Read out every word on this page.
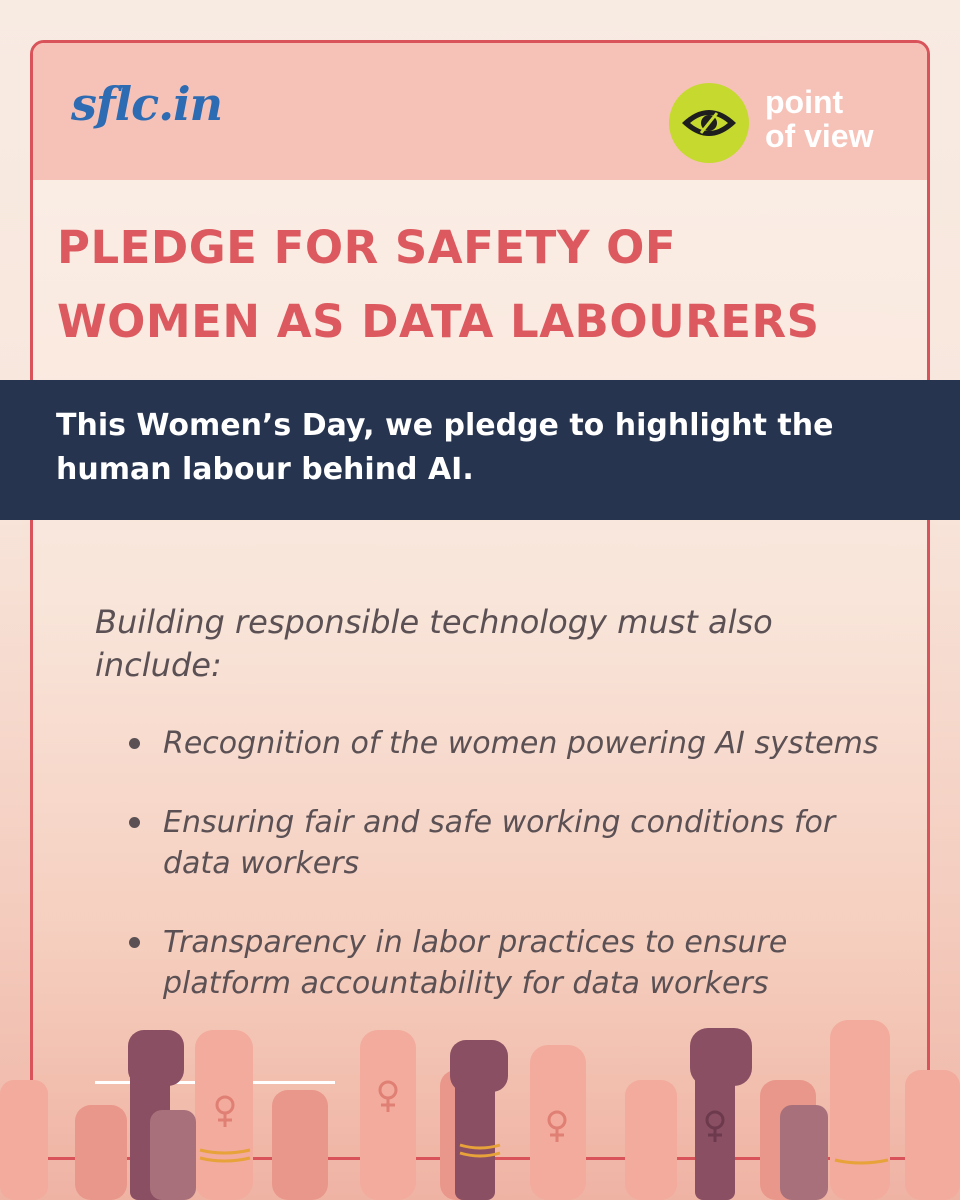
sflc.in	point
of view
PLEDGE FOR SAFETY OF
WOMEN AS DATA LABOURERS

Building responsible technology must also include:

Recognition of the women powering AI systems
Ensuring fair and safe working conditions for data workers
Transparency in labor practices to ensure platform accountability for data workers

This Women’s Day, we pledge to highlight the human labour behind AI.
